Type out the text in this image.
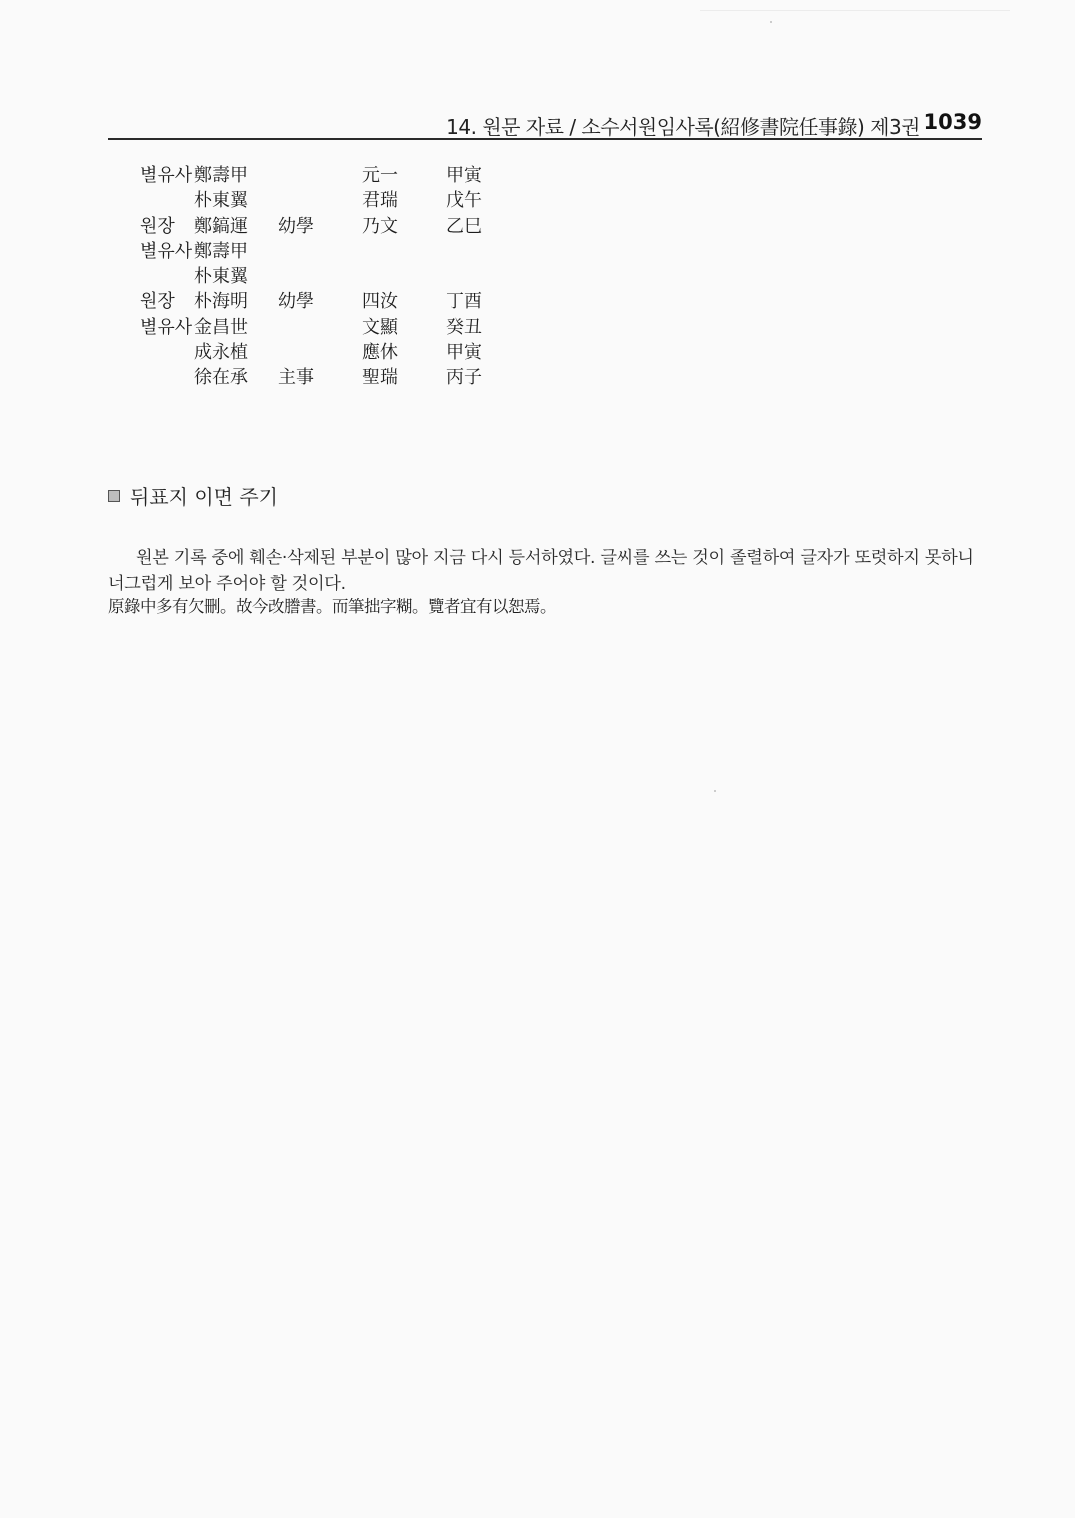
14. 원문 자료 / 소수서원임사록(紹修書院任事錄) 제3권 1039
별유사 鄭壽甲	元一	甲寅
朴東翼	君瑞	戊午
원장 鄭鎬運 幼學	乃文	乙巳
별유사 鄭壽甲
朴東翼
원장 朴海明 幼學	四汝	丁酉
별유사 金昌世	文顯	癸丑
成永植	應休	甲寅
徐在承 主事	聖瑞	丙子
뒤표지 이면 주기

원본 기록 중에 훼손·삭제된 부분이 많아 지금 다시 등서하였다. 글씨를 쓰는 것이 졸렬하여 글자가 또렷하지 못하니 너그럽게 보아 주어야 할 것이다.

原錄中多有欠刪。故今改謄書。而筆拙字糊。覽者宜有以恕焉。
